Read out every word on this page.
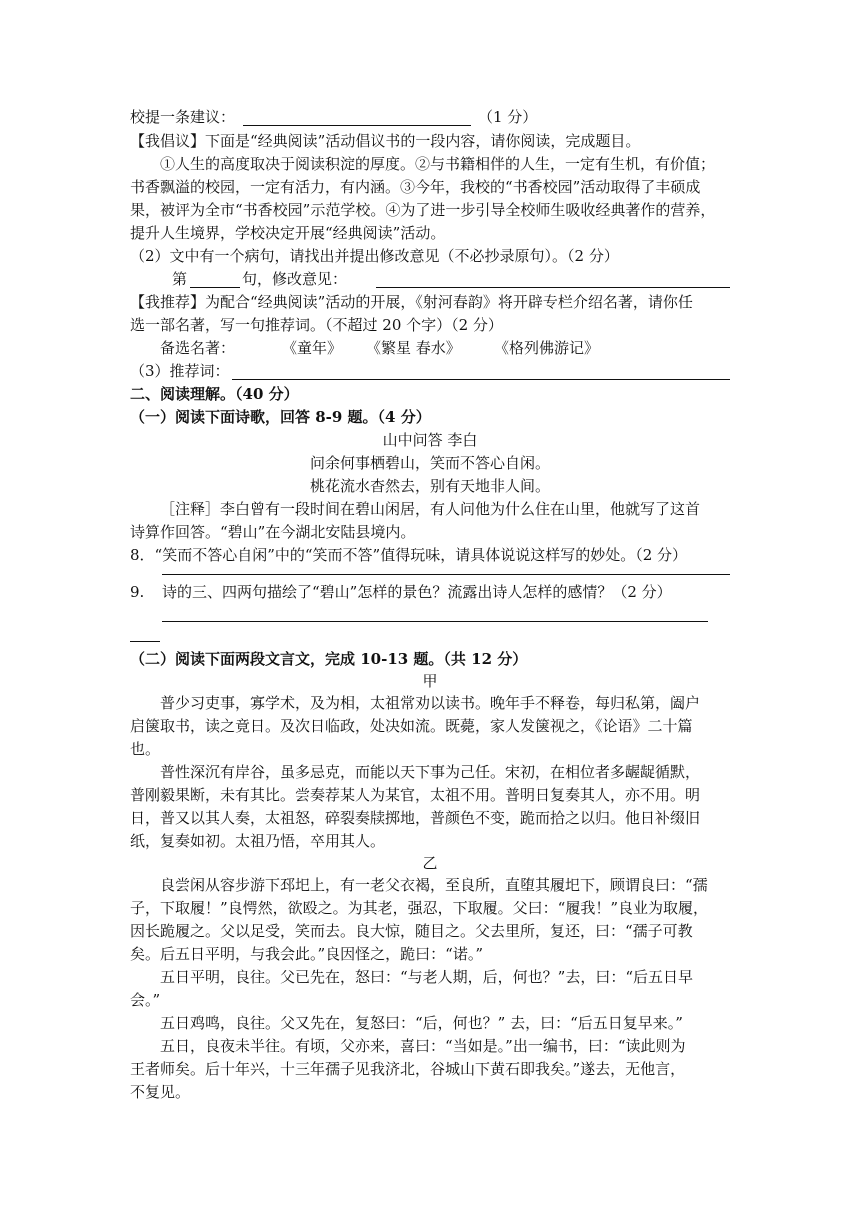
校提一条建议：	（1 分）
【我倡议】下面是“经典阅读”活动倡议书的一段内容，请你阅读，完成题目。
①人生的高度取决于阅读积淀的厚度。②与书籍相伴的人生，一定有生机，有价值；
书香飘溢的校园，一定有活力，有内涵。③今年，我校的“书香校园”活动取得了丰硕成
果，被评为全市“书香校园”示范学校。④为了进一步引导全校师生吸收经典著作的营养，
提升人生境界，学校决定开展“经典阅读”活动。
（2）文中有一个病句，请找出并提出修改意见（不必抄录原句）。（2 分）
第	句，修改意见：
【我推荐】为配合“经典阅读”活动的开展，《射河春韵》将开辟专栏介绍名著，请你任
选一部名著，写一句推荐词。（不超过 20 个字）（2 分）
备选名著：	《童年》 《繁星 春水》 《格列佛游记》
（3）推荐词：
二、阅读理解。（40 分）
（一）阅读下面诗歌，回答 8-9 题。（4 分）
山中问答 李白
问余何事栖碧山，笑而不答心自闲。
桃花流水杳然去，别有天地非人间。
［注释］李白曾有一段时间在碧山闲居，有人问他为什么住在山里，他就写了这首
诗算作回答。“碧山”在今湖北安陆县境内。
8．“笑而不答心自闲”中的“笑而不答”值得玩味，请具体说说这样写的妙处。（2 分）
9. 诗的三、四两句描绘了“碧山”怎样的景色？流露出诗人怎样的感情？（2 分）
（二）阅读下面两段文言文，完成 10-13 题。（共 12 分）
甲
普少习吏事，寡学术，及为相，太祖常劝以读书。晚年手不释卷，每归私第，阖户
启箧取书，读之竟日。及次日临政，处决如流。既薨，家人发箧视之，《论语》二十篇
也。
普性深沉有岸谷，虽多忌克，而能以天下事为己任。宋初，在相位者多龌龊循默，
普刚毅果断，未有其比。尝奏荐某人为某官，太祖不用。普明日复奏其人，亦不用。明
日，普又以其人奏，太祖怒，碎裂奏牍掷地，普颜色不变，跪而拾之以归。他日补缀旧
纸，复奏如初。太祖乃悟，卒用其人。
乙
良尝闲从容步游下邳圯上，有一老父衣褐，至良所，直堕其履圯下，顾谓良曰：“孺
子，下取履！”良愕然，欲殴之。为其老，强忍，下取履。父曰：“履我！”良业为取履，
因长跪履之。父以足受，笑而去。良大惊，随目之。父去里所，复还，曰：“孺子可教
矣。后五日平明，与我会此。”良因怪之，跪曰：“诺。”
五日平明，良往。父已先在，怒曰：“与老人期，后，何也？”去，曰：“后五日早
会。”
五日鸡鸣，良往。父又先在，复怒曰：“后，何也？” 去，曰：“后五日复早来。”
五日，良夜未半往。有顷，父亦来，喜曰：“当如是。”出一编书，曰：“读此则为
王者师矣。后十年兴，十三年孺子见我济北，谷城山下黄石即我矣。”遂去，无他言，
不复见。
